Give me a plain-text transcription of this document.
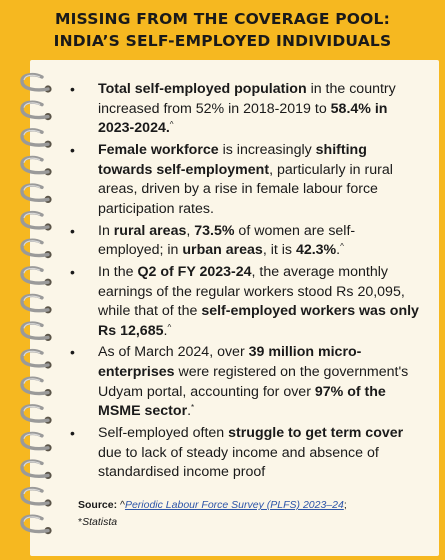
MISSING FROM THE COVERAGE POOL:
INDIA’S SELF-EMPLOYED INDIVIDUALS
• Total self-employed population in the country increased from 52% in 2018-2019 to 58.4% in 2023-2024.^
• Female workforce is increasingly shifting towards self-employment, particularly in rural areas, driven by a rise in female labour force participation rates.
• In rural areas, 73.5% of women are self-employed; in urban areas, it is 42.3%.^
• In the Q2 of FY 2023-24, the average monthly earnings of the regular workers stood Rs 20,095, while that of the self-employed workers was only Rs 12,685.^
• As of March 2024, over 39 million micro-enterprises were registered on the government's Udyam portal, accounting for over 97% of the MSME sector.*
• Self-employed often struggle to get term cover due to lack of steady income and absence of standardised income proof
Source: ^Periodic Labour Force Survey (PLFS) 2023–24;
*Statista
